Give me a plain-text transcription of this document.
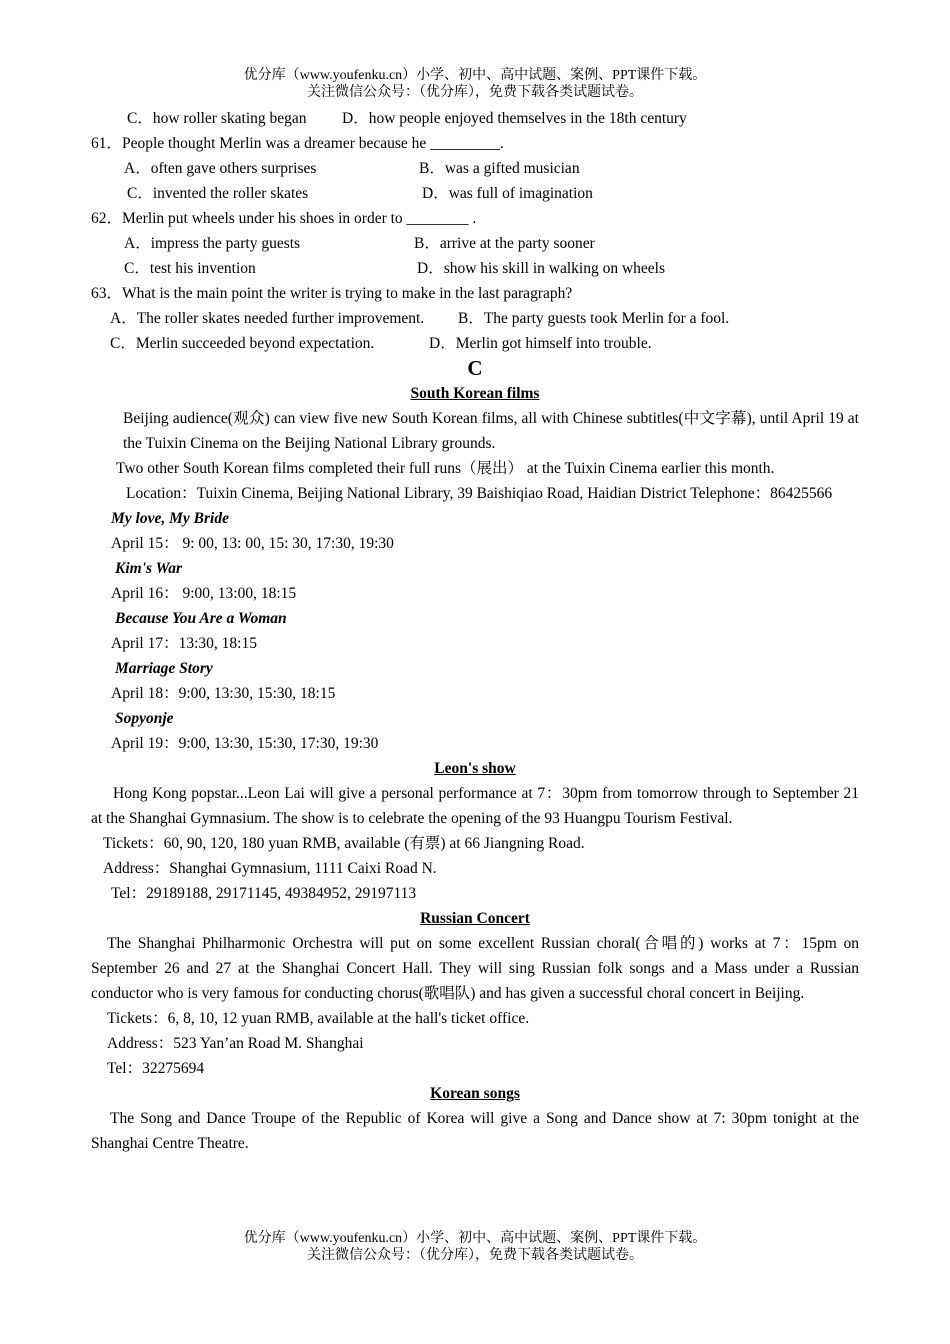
优分库（www.youfenku.cn）小学、初中、高中试题、案例、PPT课件下载。
关注微信公众号：（优分库），免费下载各类试题试卷。
C．how roller skating began D．how people enjoyed themselves in the 18th century
61．People thought Merlin was a dreamer because he _________.
A．often gave others surprises	B．was a gifted musician
C．invented the roller skates	D．was full of imagination
62．Merlin put wheels under his shoes in order to ________ .
A．impress the party guests	B．arrive at the party sooner
C．test his invention	D．show his skill in walking on wheels
63．What is the main point the writer is trying to make in the last paragraph?
A．The roller skates needed further improvement. B．The party guests took Merlin for a fool.
C．Merlin succeeded beyond expectation.	D．Merlin got himself into trouble.
C
South Korean films
Beijing audience(观众) can view five new South Korean films, all with Chinese subtitles(中文字幕), until April 19 at the Tuixin Cinema on the Beijing National Library grounds.
Two other South Korean films completed their full runs（展出） at the Tuixin Cinema earlier this month.
Location：Tuixin Cinema, Beijing National Library, 39 Baishiqiao Road, Haidian District Telephone：86425566
My love, My Bride
April 15： 9: 00, 13: 00, 15: 30, 17:30, 19:30
Kim's War
April 16： 9:00, 13:00, 18:15
Because You Are a Woman
April 17：13:30, 18:15
Marriage Story
April 18：9:00, 13:30, 15:30, 18:15
Sopyonje
April 19：9:00, 13:30, 15:30, 17:30, 19:30
Leon's show
Hong Kong popstar...Leon Lai will give a personal performance at 7：30pm from tomorrow through to September 21 at the Shanghai Gymnasium. The show is to celebrate the opening of the 93 Huangpu Tourism Festival.
Tickets：60, 90, 120, 180 yuan RMB, available (有票) at 66 Jiangning Road.
Address：Shanghai Gymnasium, 1111 Caixi Road N.
Tel：29189188, 29171145, 49384952, 29197113
Russian Concert
The Shanghai Philharmonic Orchestra will put on some excellent Russian choral(合唱的) works at 7：15pm on September 26 and 27 at the Shanghai Concert Hall. They will sing Russian folk songs and a Mass under a Russian conductor who is very famous for conducting chorus(歌唱队) and has given a successful choral concert in Beijing.
Tickets：6, 8, 10, 12 yuan RMB, available at the hall's ticket office.
Address：523 Yan’an Road M. Shanghai
Tel：32275694
Korean songs
The Song and Dance Troupe of the Republic of Korea will give a Song and Dance show at 7: 30pm tonight at the Shanghai Centre Theatre.
优分库（www.youfenku.cn）小学、初中、高中试题、案例、PPT课件下载。
关注微信公众号：（优分库），免费下载各类试题试卷。
